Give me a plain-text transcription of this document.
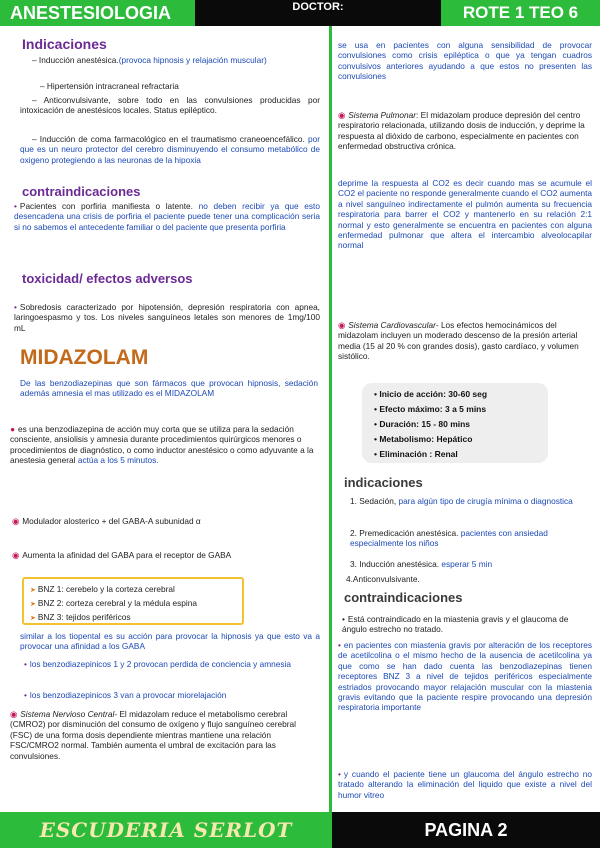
ANESTESIOLOGIA	DOCTOR:	ROTE 1 TEO 6
Indicaciones

– Inducción anestésica.(provoca hipnosis y relajación muscular)

– Hipertensión intracraneal refractaria

– Anticonvulsivante, sobre todo en las convulsiones producidas por intoxicación de anestésicos locales. Status epiléptico.

– Inducción de coma farmacológico en el traumatismo craneoencefálico. por que es un neuro protector del cerebro disminuyendo el consumo metabólico de oxigeno protegiendo a las neuronas de la hipoxia

contraindicaciones

• Pacientes con porfiria manifiesta o latente. no deben recibir ya que esto desencadena una crisis de porfiria el paciente puede tener una complicación seria si no sabemos el antecedente familiar o del paciente que presenta porfiria

toxicidad/ efectos adversos

• Sobredosis caracterizado por hipotensión, depresión respiratoria con apnea, laringoespasmo y tos. Los niveles sanguíneos letales son menores de 1mg/100 mL

MIDAZOLAM

De las benzodiazepinas que son fármacos que provocan hipnosis, sedación además amnesia el mas utilizado es el MIDAZOLAM

● es una benzodiazepina de acción muy corta que se utiliza para la sedación consciente, ansiolisis y amnesia durante procedimientos quirúrgicos menores o procedimientos de diagnóstico, o como inductor anestésico o como adyuvante a la anestesia general actúa a los 5 minutos.

◉ Modulador alosterico + del GABA-A subunidad α

◉ Aumenta la afinidad del GABA para el receptor de GABA

➤ BNZ 1: cerebelo y la corteza cerebral
➤ BNZ 2: corteza cerebral y la médula espina
➤ BNZ 3: tejidos periféricos

similar a los tiopental es su acción para provocar la hipnosis ya que esto va a provocar una afinidad a los GABA

• los benzodiazepinicos 1 y 2 provocan perdida de conciencia y amnesia

• los benzodiazepinicos 3 van a provocar miorelajación

◉ Sistema Nervioso Central- El midazolam reduce el metabolismo cerebral (CMRO2) por disminución del consumo de oxígeno y flujo sanguíneo cerebral (FSC) de una forma dosis dependiente mientras mantiene una relación FSC/CMRO2 normal. También aumenta el umbral de excitación para las convulsiones.

se usa en pacientes con alguna sensibilidad de provocar convulsiones como crisis epiléptica o que ya tengan cuadros convulsivos anteriores ayudando a que estos no presenten las convulsiones

◉ Sistema Pulmonar: El midazolam produce depresión del centro respiratorio relacionada, utilizando dosis de inducción, y deprime la respuesta al dióxido de carbono, especialmente en pacientes con enfermedad obstructiva crónica.

deprime la respuesta al CO2 es decir cuando mas se acumule el CO2 el paciente no responde generalmente cuando el CO2 aumenta a nivel sanguíneo indirectamente el pulmón aumenta su frecuencia respiratoria para barrer el CO2 y mantenerlo en su relación 2:1 normal y esto generalmente se encuentra en pacientes con alguna enfermedad pulmonar que altera el intercambio alveolocapilar normal

◉ Sistema Cardiovascular- Los efectos hemocinámicos del midazolam incluyen un moderado descenso de la presión arterial media (15 al 20 % con grandes dosis), gasto cardíaco, y volumen sistólico.

• Inicio de acción: 30-60 seg
• Efecto máximo: 3 a 5 mins
• Duración: 15 - 80 mins
• Metabolismo: Hepático
• Eliminación : Renal
indicaciones

1. Sedación, para algún tipo de cirugía mínima o diagnostica

2. Premedicación anestésica. pacientes con ansiedad especialmente los niños

3. Inducción anestésica. esperar 5 min

4.Anticonvulsivante.

contraindicaciones

• Está contraindicado en la miastenia gravis y el glaucoma de ángulo estrecho no tratado.

• en pacientes con miastenia gravis por alteración de los receptores de acetilcolina o el mismo hecho de la ausencia de acetilcolina ya que como se han dado cuenta las benzodiazepinas tienen receptores BNZ 3 a nivel de tejidos periféricos especialmente estriados provocando mayor relajación muscular con la miastenia gravis evitando que la paciente respire provocando una depresión respiratoria importante

• y cuando el paciente tiene un glaucoma del ángulo estrecho no tratado alterando la eliminación del liquido que existe a nivel del humor vitreo

ESCUDERIA SERLOT	PAGINA 2
